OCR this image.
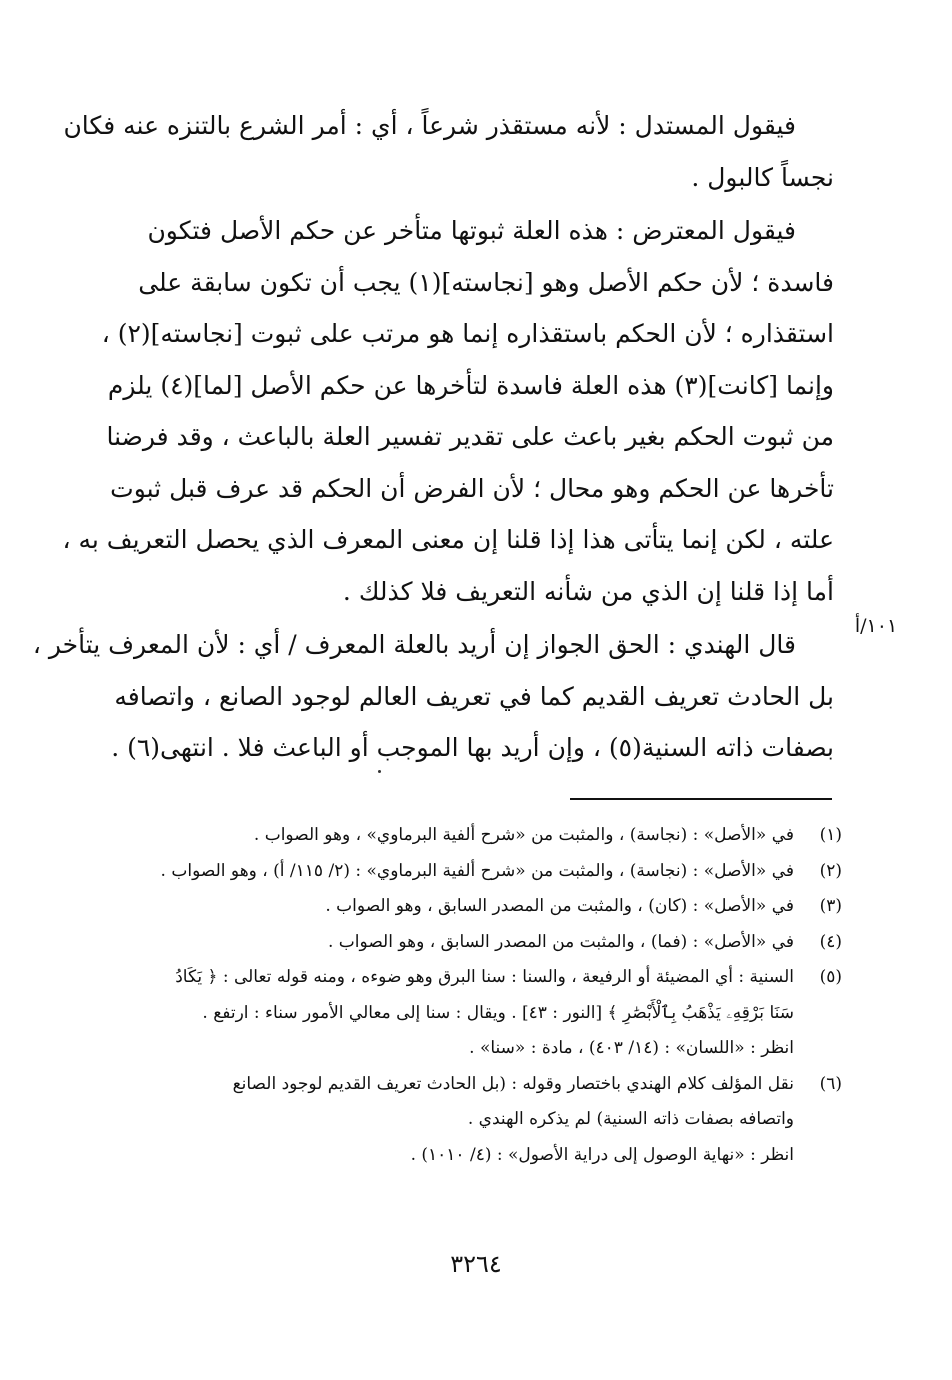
فيقول المستدل : لأنه مستقذر شرعاً ، أي : أمر الشرع بالتنزه عنه فكان
نجساً كالبول .

فيقول المعترض : هذه العلة ثبوتها متأخر عن حكم الأصل فتكون
فاسدة ؛ لأن حكم الأصل وهو [نجاسته](١) يجب أن تكون سابقة على
استقذاره ؛ لأن الحكم باستقذاره إنما هو مرتب على ثبوت [نجاسته](٢) ،
وإنما [كانت](٣) هذه العلة فاسدة لتأخرها عن حكم الأصل [لما](٤) يلزم
من ثبوت الحكم بغير باعث على تقدير تفسير العلة بالباعث ، وقد فرضنا
تأخرها عن الحكم وهو محال ؛ لأن الفرض أن الحكم قد عرف قبل ثبوت
علته ، لكن إنما يتأتى هذا إذا قلنا إن معنى المعرف الذي يحصل التعريف به ،
أما إذا قلنا إن الذي من شأنه التعريف فلا كذلك .

قال الهندي : الحق الجواز إن أريد بالعلة المعرف / أي : لأن المعرف يتأخر ،
بل الحادث تعريف القديم كما في تعريف العالم لوجود الصانع ، واتصافه
بصفات ذاته السنية(٥) ، وإن أريد بها الموجب أو الباعث فلا . انتهى(٦) .

١٠١/أ
(١)
في «الأصل» : (نجاسة) ، والمثبت من «شرح ألفية البرماوي» ، وهو الصواب .
(٢)
في «الأصل» : (نجاسة) ، والمثبت من «شرح ألفية البرماوي» : (٢/ ١١٥/ أ) ، وهو الصواب .
(٣)
في «الأصل» : (كان) ، والمثبت من المصدر السابق ، وهو الصواب .
(٤)
في «الأصل» : (فما) ، والمثبت من المصدر السابق ، وهو الصواب .
(٥)
السنية : أي المضيئة أو الرفيعة ، والسنا : سنا البرق وهو ضوءه ، ومنه قوله تعالى : ﴿ يَكَادُ
سَنَا بَرْقِهِۦ يَذْهَبُ بِٱلْأَبْصَٰرِ ﴾ [النور : ٤٣] . ويقال : سنا إلى معالي الأمور سناء : ارتفع .
انظر : «اللسان» : (١٤/ ٤٠٣) ، مادة : «سنا» .
(٦)
نقل المؤلف كلام الهندي باختصار وقوله : (بل الحادث تعريف القديم لوجود الصانع
واتصافه بصفات ذاته السنية) لم يذكره الهندي .
انظر : «نهاية الوصول إلى دراية الأصول» : (٤/ ١٠١٠) .
٣٢٦٤
